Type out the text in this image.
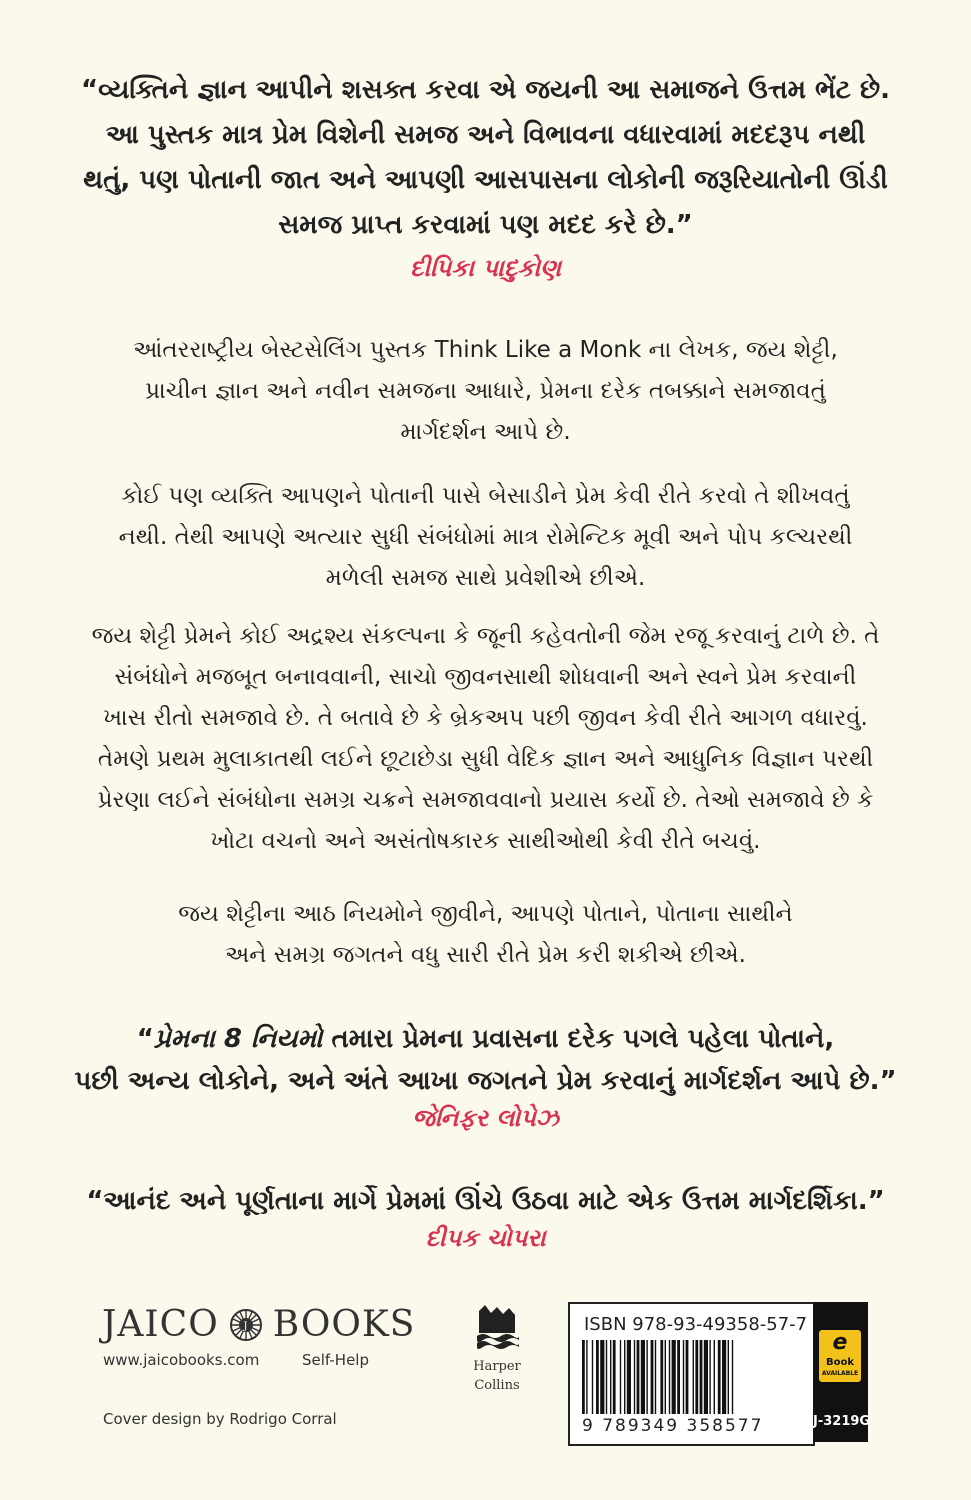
“વ્યક્તિને જ્ઞાન આપીને શસક્ત કરવા એ જયની આ સમાજને ઉત્તમ ભેંટ છે.

આ પુસ્તક માત્ર પ્રેમ વિશેની સમજ અને વિભાવના વધારવામાં મદદરૂપ નથી

થતું, પણ પોતાની જાત અને આપણી આસપાસના લોકોની જરૂરિયાતોની ઊંડી

સમજ પ્રાપ્ત કરવામાં પણ મદદ કરે છે.”

દીપિકા પાદુકોણ

આંતરરાષ્ટ્રીય બેસ્ટસેલિંગ પુસ્તક Think Like a Monk ના લેખક, જય શેટ્ટી,

પ્રાચીન જ્ઞાન અને નવીન સમજના આધારે, પ્રેમના દરેક તબક્કાને સમજાવતું

માર્ગદર્શન આપે છે.

કોઈ પણ વ્યક્તિ આપણને પોતાની પાસે બેસાડીને પ્રેમ કેવી રીતે કરવો તે શીખવતું

નથી. તેથી આપણે અત્યાર સુધી સંબંધોમાં માત્ર રોમેન્ટિક મૂવી અને પોપ કલ્ચરથી

મળેલી સમજ સાથે પ્રવેશીએ છીએ.

જય શેટ્ટી પ્રેમને કોઈ અદ્રશ્ય સંકલ્પના કે જૂની કહેવતોની જેમ રજૂ કરવાનું ટાળે છે. તે

સંબંધોને મજબૂત બનાવવાની, સાચો જીવનસાથી શોધવાની અને સ્વને પ્રેમ કરવાની

ખાસ રીતો સમજાવે છે. તે બતાવે છે કે બ્રેકઅપ પછી જીવન કેવી રીતે આગળ વધારવું.

તેમણે પ્રથમ મુલાકાતથી લઈને છૂટાછેડા સુધી વેદિક જ્ઞાન અને આધુનિક વિજ્ઞાન પરથી

પ્રેરણા લઈને સંબંધોના સમગ્ર ચક્રને સમજાવવાનો પ્રયાસ કર્યો છે. તેઓ સમજાવે છે કે

ખોટા વચનો અને અસંતોષકારક સાથીઓથી કેવી રીતે બચવું.

જય શેટ્ટીના આઠ નિયમોને જીવીને, આપણે પોતાને, પોતાના સાથીને

અને સમગ્ર જગતને વધુ સારી રીતે પ્રેમ કરી શકીએ છીએ.

“પ્રેમના 8 નિયમો તમારા પ્રેમના પ્રવાસના દરેક પગલે પહેલા પોતાને,

પછી અન્ય લોકોને, અને અંતે આખા જગતને પ્રેમ કરવાનું માર્ગદર્શન આપે છે.”

જેનિફર લોપેઝ

“આનંદ અને પૂર્ણતાના માર્ગે પ્રેમમાં ઊંચે ઉઠવા માટે એક ઉત્તમ માર્ગદર્શિકા.”

દીપક ચોપરા
JAICO J BOOKS
www.jaicobooks.com	Self-Help
Cover design by Rodrigo Corral
Harper
Collins
ISBN 978-93-49358-57-7
9 789349 358577
e
Book
AVAILABLE
J-3219G
